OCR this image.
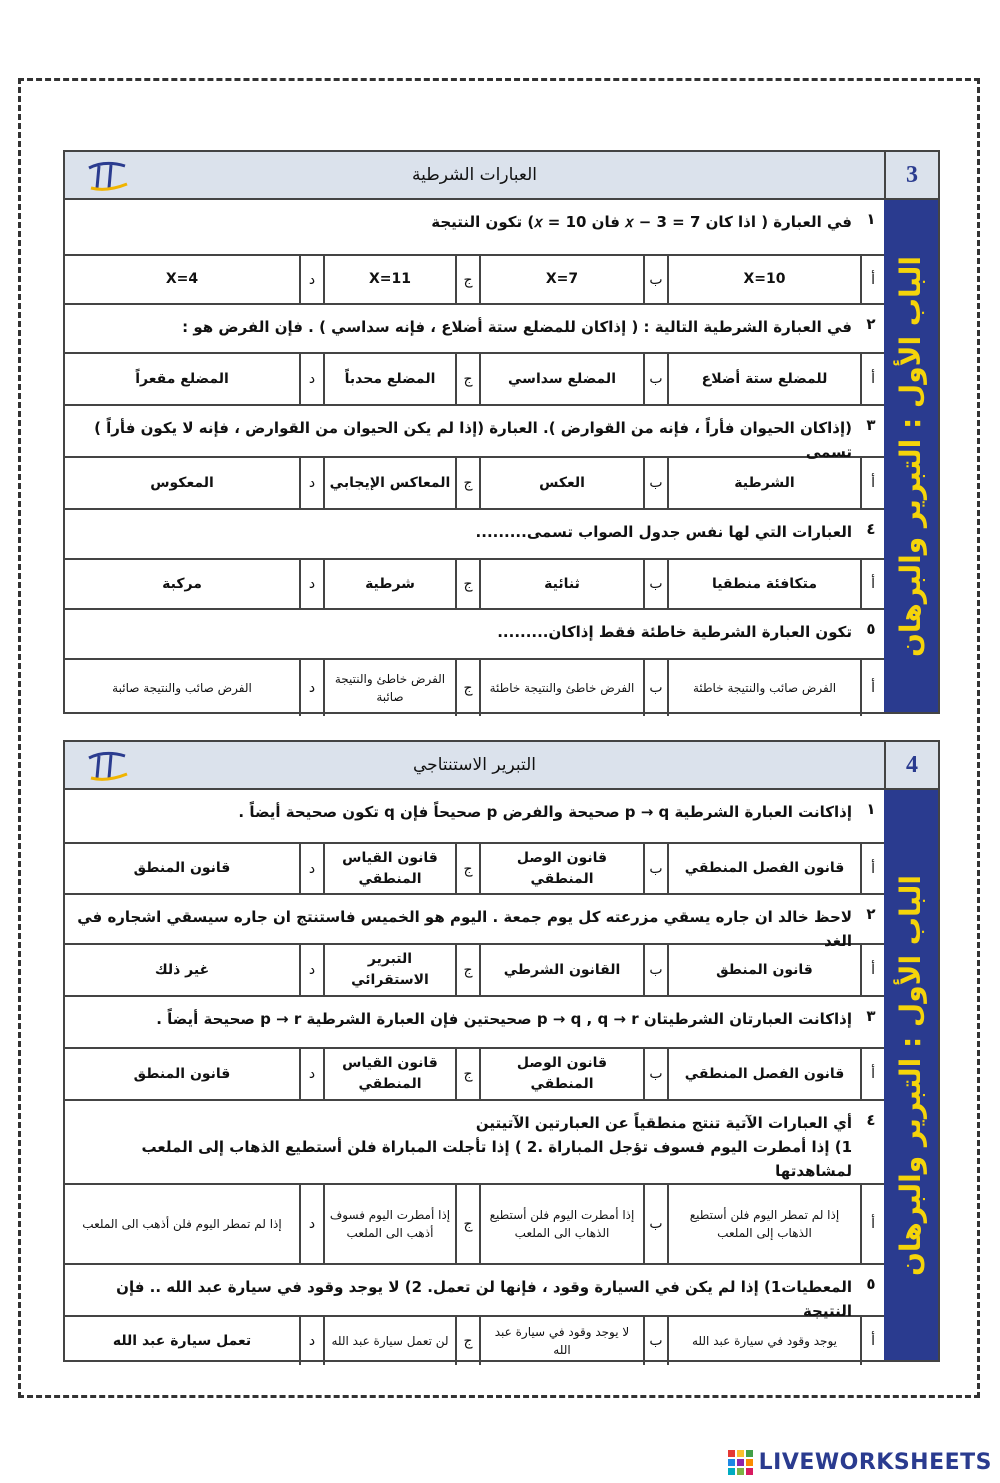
3
العبارات الشرطية
الباب الأول : التبرير والبرهان
١
في العبارة ( اذا كان 7 = 3 − 𝑥 فان 10 = 𝑥) تكون النتيجة
أ
X=10
ب
X=7
ج
X=11
د
X=4
٢
في العبارة الشرطية التالية : ( إذاكان للمضلع ستة أضلاع ، فإنه سداسي ) . فإن الفرض هو :
أ
للمضلع ستة أضلاع
ب
المضلع سداسي
ج
المضلع محدباً
د
المضلع مقعراً
٣
(إذاكان الحيوان فأراً ، فإنه من القوارض ). العبارة (إذا لم يكن الحيوان من القوارض ، فإنه لا يكون فأراً ) تسمى
أ
الشرطية
ب
العكس
ج
المعاكس الإيجابي
د
المعكوس
٤
العبارات التي لها نفس جدول الصواب تسمى.........
أ
متكافئة منطقيا
ب
ثنائية
ج
شرطية
د
مركبة
٥
تكون العبارة الشرطية خاطئة فقط إذاكان.........
أ
الفرض صائب والنتيجة خاطئة
ب
الفرض خاطئ والنتيجة خاطئة
ج
الفرض خاطئ والنتيجة صائبة
د
الفرض صائب والنتيجة صائبة
4
التبرير الاستنتاجي
الباب الأول : التبرير والبرهان
١
إذاكانت العبارة الشرطية p → q صحيحة والفرض p صحيحاً فإن q تكون صحيحة أيضاً .
أ
قانون الفصل المنطقي
ب
قانون الوصل المنطقي
ج
قانون القياس المنطقي
د
قانون المنطق
٢
لاحظ خالد ان جاره يسقي مزرعته كل يوم جمعة . اليوم هو الخميس فاستنتج ان جاره سيسقي اشجاره في الغد
أ
قانون المنطق
ب
القانون الشرطي
ج
التبرير الاستقرائي
د
غير ذلك
٣
إذاكانت العبارتان الشرطيتان p → q , q → r صحيحتين فإن العبارة الشرطية p → r صحيحة أيضاً .
أ
قانون الفصل المنطقي
ب
قانون الوصل المنطقي
ج
قانون القياس المنطقي
د
قانون المنطق
٤
أي العبارات الآتية تنتج منطقياً عن العبارتين الآتيتين
1) إذا أمطرت اليوم فسوف تؤجل المباراة .2 ) إذا تأجلت المباراة فلن أستطيع الذهاب إلى الملعب لمشاهدتها
أ
إذا لم تمطر اليوم فلن أستطيع الذهاب إلى الملعب
ب
إذا أمطرت اليوم فلن أستطيع الذهاب الى الملعب
ج
إذا أمطرت اليوم فسوف أذهب الى الملعب
د
إذا لم تمطر اليوم فلن أذهب الى الملعب
٥
المعطيات1) إذا لم يكن في السيارة وقود ، فإنها لن تعمل. 2) لا يوجد وقود في سيارة عبد الله .. فإن النتيجة
أ
يوجد وقود في سيارة عبد الله
ب
لا يوجد وقود في سيارة عبد الله
ج
لن تعمل سيارة عبد الله
د
تعمل سيارة عبد الله
LIVEWORKSHEETS
